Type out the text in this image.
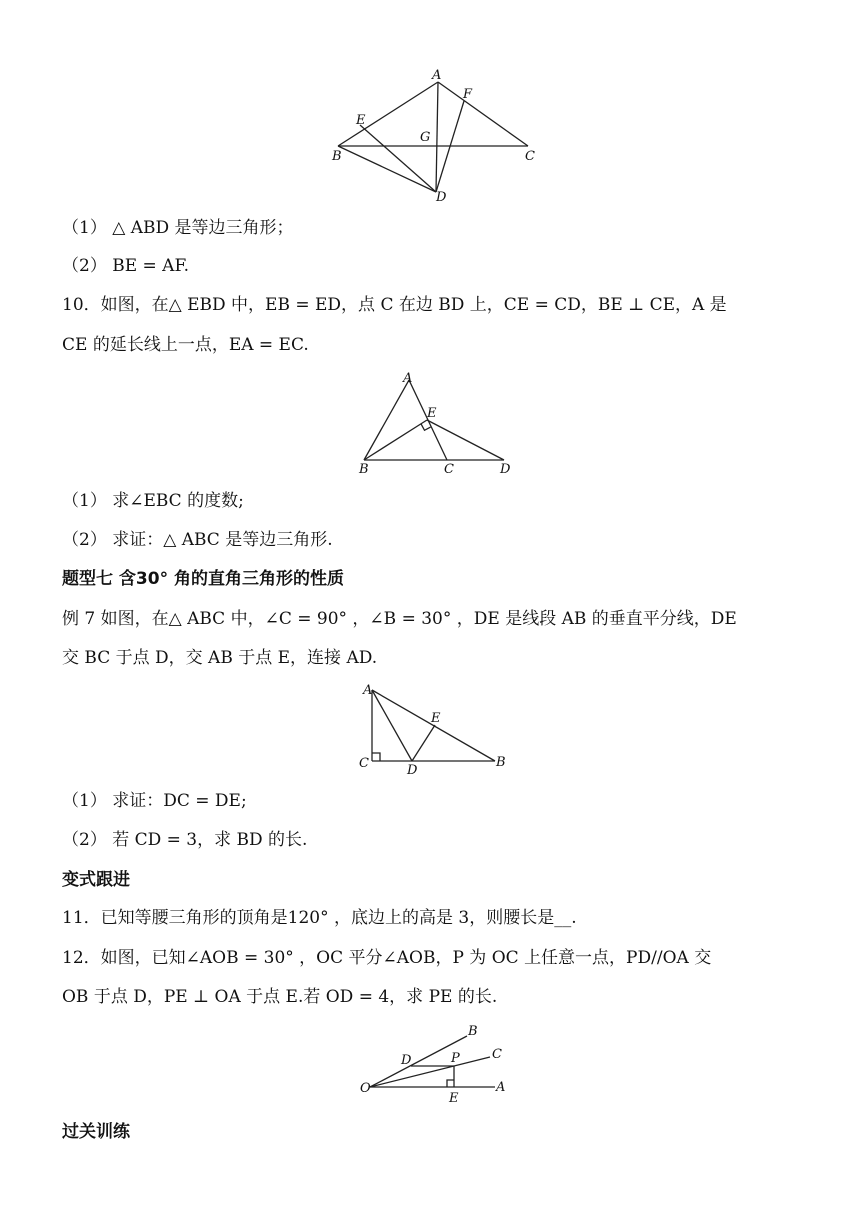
A
F
E
G
B	C
D
（1） △ ABD 是等边三角形；
（2） BE = AF.
10．如图，在△ EBD 中，EB = ED，点 C 在边 BD 上，CE = CD，BE ⊥ CE，A 是
CE 的延长线上一点，EA = EC.
A
E
B	C	D
（1） 求∠EBC 的度数;
（2） 求证：△ ABC 是等边三角形.
题型七 含30° 角的直角三角形的性质
例 7 如图，在△ ABC 中，∠C = 90° ，∠B = 30° ，DE 是线段 AB 的垂直平分线，DE
交 BC 于点 D，交 AB 于点 E，连接 AD.
A
E
C	D
B
（1） 求证：DC = DE;
（2） 若 CD = 3，求 BD 的长.
变式跟进
11．已知等腰三角形的顶角是120° ，底边上的高是 3，则腰长是__.
12．如图，已知∠AOB = 30° ，OC 平分∠AOB，P 为 OC 上任意一点，PD//OA 交
OB 于点 D，PE ⊥ OA 于点 E.若 OD = 4，求 PE 的长.
B
C
D	P
O	A
E
过关训练
